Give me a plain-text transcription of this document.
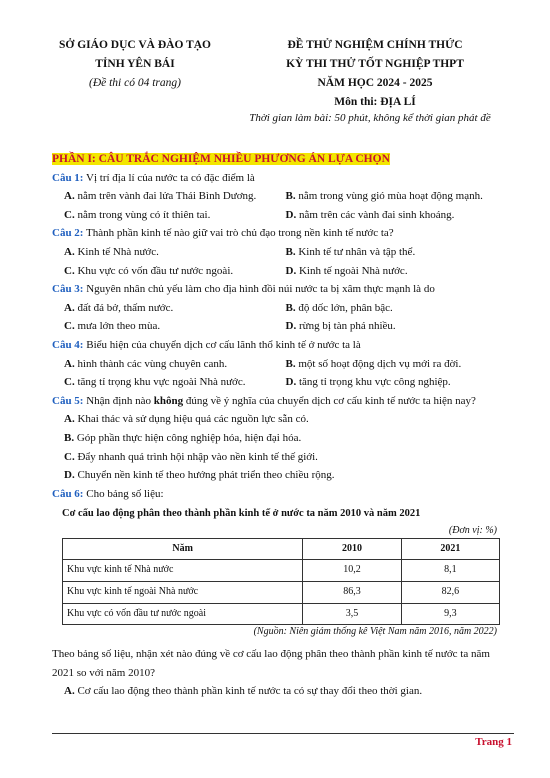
SỞ GIÁO DỤC VÀ ĐÀO TẠO
TỈNH YÊN BÁI
(Đề thi có 04 trang)
ĐỀ THỬ NGHIỆM CHÍNH THỨC
KỲ THI THỬ TỐT NGHIỆP THPT
NĂM HỌC 2024 - 2025
Môn thi: ĐỊA LÍ
Thời gian làm bài: 50 phút, không kể thời gian phát đề
PHẦN I: CÂU TRẮC NGHIỆM NHIỀU PHƯƠNG ÁN LỰA CHỌN

Câu 1: Vị trí địa lí của nước ta có đặc điểm là

A. nằm trên vành đai lửa Thái Bình Dương.	B. nằm trong vùng gió mùa hoạt động mạnh.
C. nằm trong vùng có ít thiên tai.	D. nằm trên các vành đai sinh khoáng.

Câu 2: Thành phần kinh tế nào giữ vai trò chủ đạo trong nền kinh tế nước ta?

A. Kinh tế Nhà nước.	B. Kinh tế tư nhân và tập thể.
C. Khu vực có vốn đầu tư nước ngoài.	D. Kinh tế ngoài Nhà nước.

Câu 3: Nguyên nhân chủ yếu làm cho địa hình đồi núi nước ta bị xâm thực mạnh là do

A. đất đá bở, thấm nước.	B. độ dốc lớn, phân bậc.
C. mưa lớn theo mùa.	D. rừng bị tàn phá nhiều.

Câu 4: Biểu hiện của chuyển dịch cơ cấu lãnh thổ kinh tế ở nước ta là

A. hình thành các vùng chuyên canh.	B. một số hoạt động dịch vụ mới ra đời.
C. tăng tỉ trọng khu vực ngoài Nhà nước.	D. tăng tỉ trọng khu vực công nghiệp.

Câu 5: Nhận định nào không đúng về ý nghĩa của chuyển dịch cơ cấu kinh tế nước ta hiện nay?

A. Khai thác và sử dụng hiệu quả các nguồn lực sẵn có.

B. Góp phần thực hiện công nghiệp hóa, hiện đại hóa.

C. Đẩy nhanh quá trình hội nhập vào nền kinh tế thế giới.

D. Chuyển nền kinh tế theo hướng phát triển theo chiều rộng.

Câu 6: Cho bảng số liệu:

Cơ cấu lao động phân theo thành phần kinh tế ở nước ta năm 2010 và năm 2021
(Đơn vị: %)
Năm	2010	2021
Khu vực kinh tế Nhà nước	10,2	8,1
Khu vực kinh tế ngoài Nhà nước	86,3	82,6
Khu vực có vốn đầu tư nước ngoài	3,5	9,3
(Nguồn: Niên giám thống kê Việt Nam năm 2016, năm 2022)

Theo bảng số liệu, nhận xét nào đúng về cơ cấu lao động phân theo thành phần kinh tế nước ta năm 2021 so với năm 2010?

A. Cơ cấu lao động theo thành phần kinh tế nước ta có sự thay đổi theo thời gian.

Trang 1
